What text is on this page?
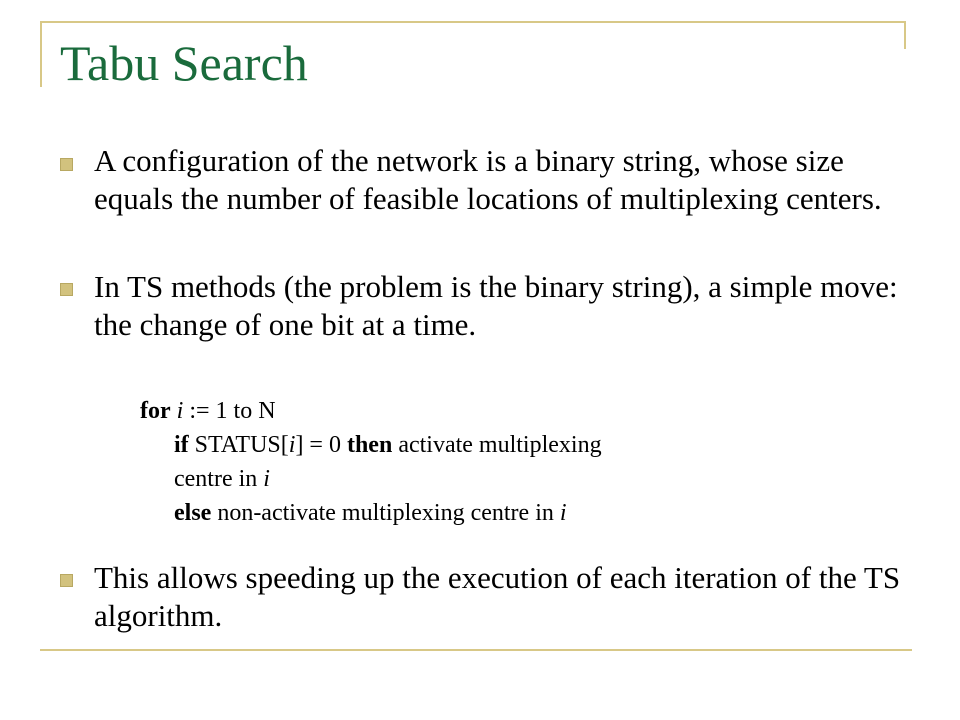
Tabu Search
A configuration of the network is a binary string, whose size equals the number of feasible locations of multiplexing centers.
In TS methods (the problem is the binary string), a simple move: the change of one bit at a time.
for i := 1 to N
if STATUS[i] = 0 then activate multiplexing
centre in i
else non-activate multiplexing centre in i
This allows speeding up the execution of each iteration of the TS algorithm.
